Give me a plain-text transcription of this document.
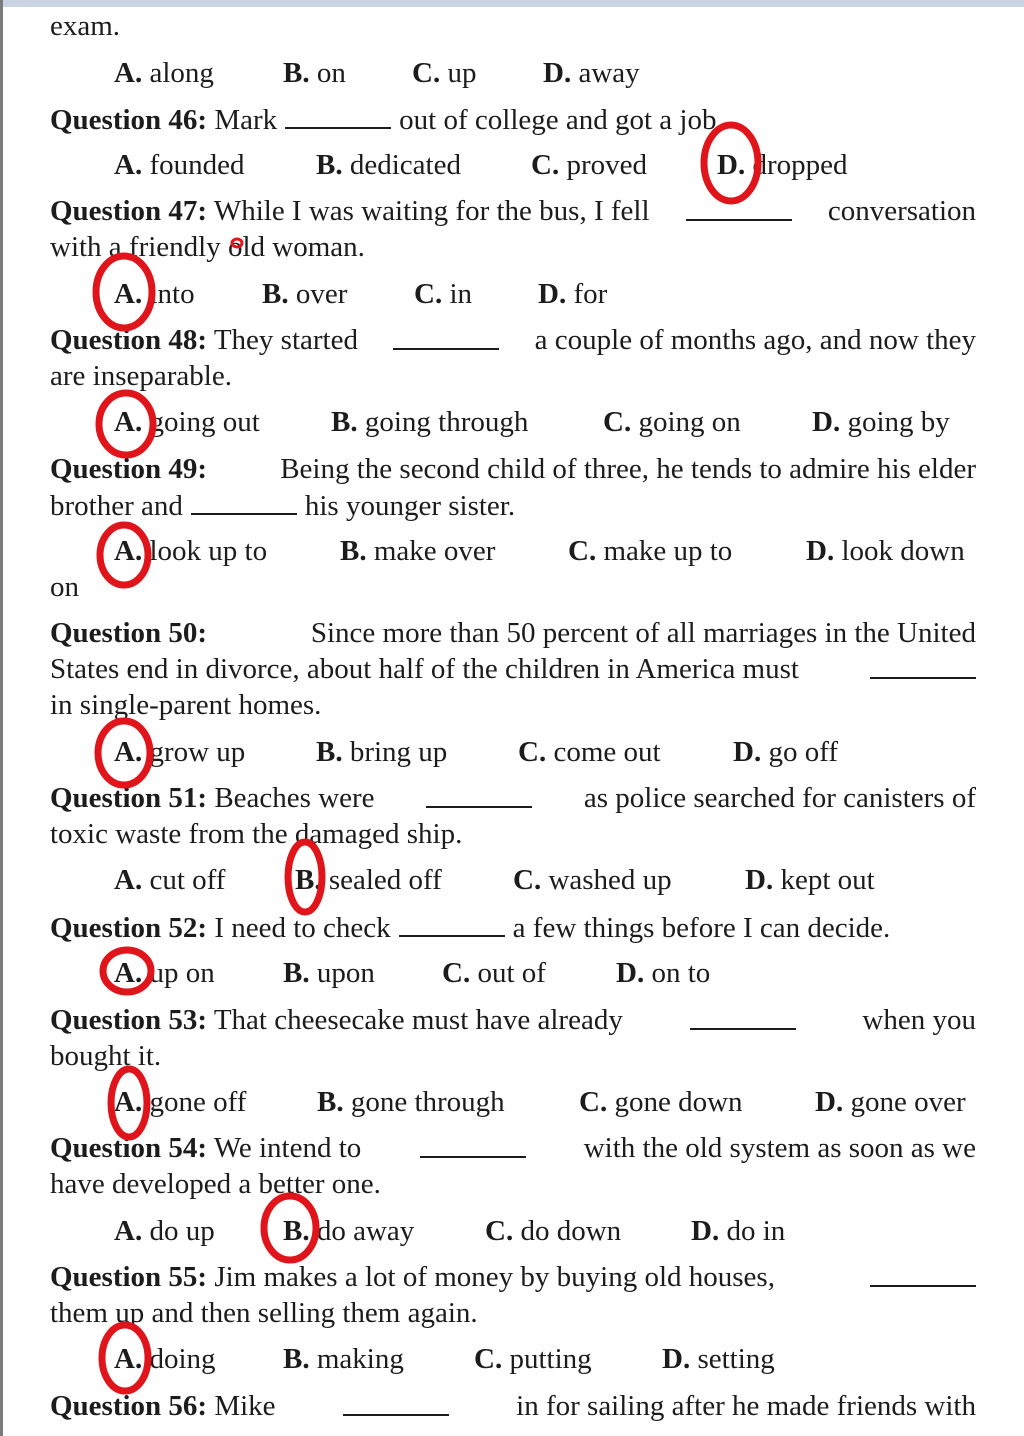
exam.
A. along B. on C. up D. away
Question 46: Mark	out of college and got a job.
A. founded B. dedicated C. proved D. dropped
Question 47: While I was waiting for the bus, I fell	conversation
with a friendly old woman.
A. into B. over C. in D. for
Question 48: They started	a couple of months ago, and now they
are inseparable.
A. going out B. going through	C. going on D. going by
Question 49:	Being the second child of three, he tends to admire his elder
brother and	his younger sister.
A. look up to	B. make over	C. make up to	D. look down
on
Question 50:	Since more than 50 percent of all marriages in the United
States end in divorce, about half of the children in America must
in single-parent homes.
A. grow up B. bring up C. come out D. go off
Question 51: Beaches were	as police searched for canisters of
toxic waste from the damaged ship.
A. cut off B. sealed off C. washed up	D. kept out
Question 52: I need to check	a few things before I can decide.
A. up on B. upon C. out of D. on to
Question 53: That cheesecake must have already	when you
bought it.
A. gone off B. gone through	C. gone down D. gone over
Question 54: We intend to	with the old system as soon as we
have developed a better one.
A. do up B. do away C. do down D. do in
Question 55: Jim makes a lot of money by buying old houses,
them up and then selling them again.
A. doing B. making C. putting D. setting
Question 56: Mike	in for sailing after he made friends with
